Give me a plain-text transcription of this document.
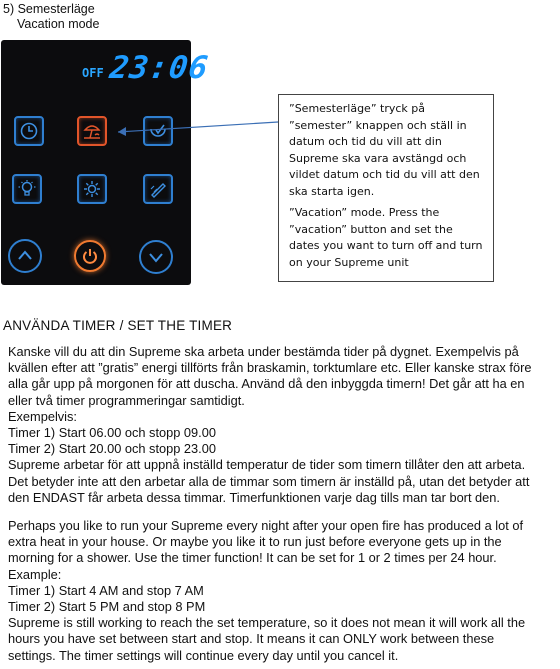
5) Semesterläge
Vacation mode
OFF 23:06

”Semesterläge” tryck på ”semester” knappen och ställ in datum och tid du vill att din Supreme ska vara avstängd och vildet datum och tid du vill att den ska starta igen.

”Vacation” mode. Press the ”vacation” button and set the dates you want to turn off and turn on your Supreme unit

ANVÄNDA TIMER / SET THE TIMER
Kanske vill du att din Supreme ska arbeta under bestämda tider på dygnet. Exempelvis på
kvällen efter att ”gratis” energi tillförts från braskamin, torktumlare etc. Eller kanske strax före
alla går upp på morgonen för att duscha. Använd då den inbyggda timern! Det går att ha en
eller två timer programmeringar samtidigt.
Exempelvis:
Timer 1) Start 06.00 och stopp 09.00
Timer 2) Start 20.00 och stopp 23.00
Supreme arbetar för att uppnå inställd temperatur de tider som timern tillåter den att arbeta.
Det betyder inte att den arbetar alla de timmar som timern är inställd på, utan det betyder att
den ENDAST får arbeta dessa timmar. Timerfunktionen varje dag tills man tar bort den.
Perhaps you like to run your Supreme every night after your open fire has produced a lot of
extra heat in your house. Or maybe you like it to run just before everyone gets up in the
morning for a shower. Use the timer function! It can be set for 1 or 2 times per 24 hour.
Example:
Timer 1) Start 4 AM and stop 7 AM
Timer 2) Start 5 PM and stop 8 PM
Supreme is still working to reach the set temperature, so it does not mean it will work all the
hours you have set between start and stop. It means it can ONLY work between these
settings. The timer settings will continue every day until you cancel it.
